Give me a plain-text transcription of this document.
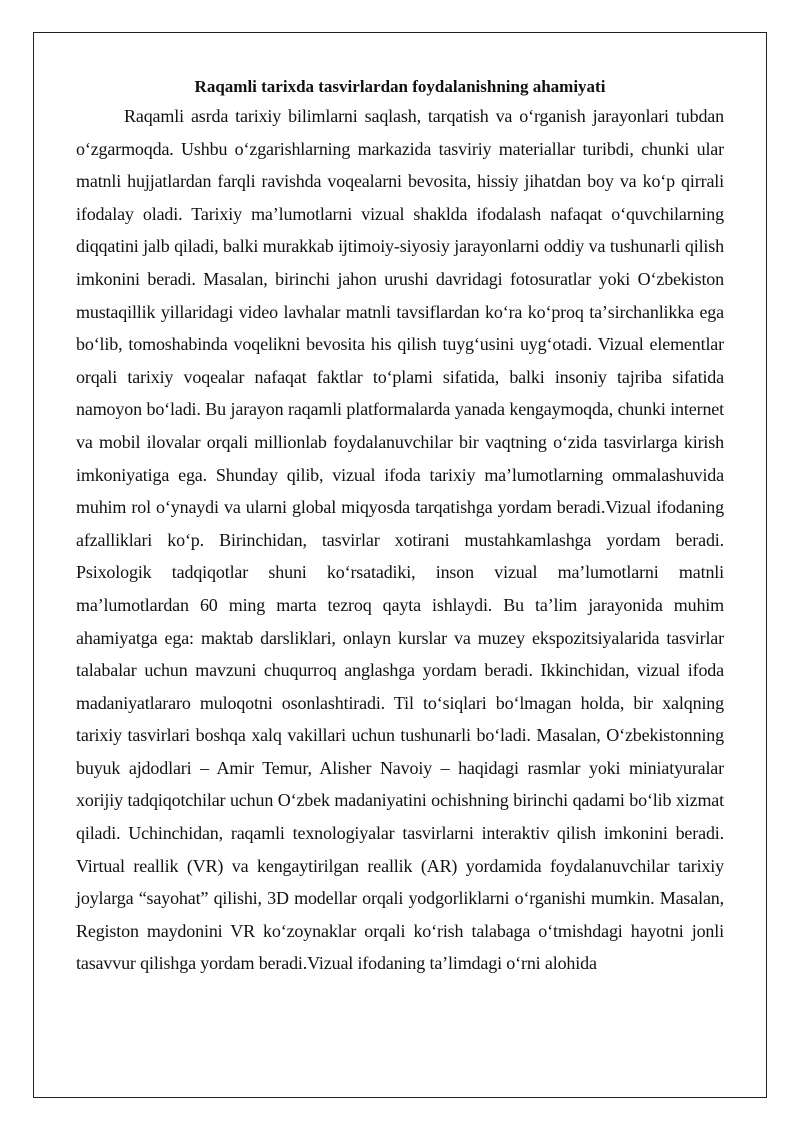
Raqamli tarixda tasvirlardan foydalanishning ahamiyati

Raqamli asrda tarixiy bilimlarni saqlash, tarqatish va oʻrganish jarayonlari tubdan oʻzgarmoqda. Ushbu oʻzgarishlarning markazida tasviriy materiallar turibdi, chunki ular matnli hujjatlardan farqli ravishda voqealarni bevosita, hissiy jihatdan boy va koʻp qirrali ifodalay oladi. Tarixiy maʼlumotlarni vizual shaklda ifodalash nafaqat oʻquvchilarning diqqatini jalb qiladi, balki murakkab ijtimoiy-siyosiy jarayonlarni oddiy va tushunarli qilish imkonini beradi. Masalan, birinchi jahon urushi davridagi fotosuratlar yoki Oʻzbekiston mustaqillik yillaridagi video lavhalar matnli tavsiflardan koʻra koʻproq taʼsirchanlikka ega boʻlib, tomoshabinda voqelikni bevosita his qilish tuygʻusini uygʻotadi. Vizual elementlar orqali tarixiy voqealar nafaqat faktlar toʻplami sifatida, balki insoniy tajriba sifatida namoyon boʻladi. Bu jarayon raqamli platformalarda yanada kengaymoqda, chunki internet va mobil ilovalar orqali millionlab foydalanuvchilar bir vaqtning oʻzida tasvirlarga kirish imkoniyatiga ega. Shunday qilib, vizual ifoda tarixiy maʼlumotlarning ommalashuvida muhim rol oʻynaydi va ularni global miqyosda tarqatishga yordam beradi.Vizual ifodaning afzalliklari koʻp. Birinchidan, tasvirlar xotirani mustahkamlashga yordam beradi. Psixologik tadqiqotlar shuni koʻrsatadiki, inson vizual maʼlumotlarni matnli maʼlumotlardan 60 ming marta tezroq qayta ishlaydi. Bu taʼlim jarayonida muhim ahamiyatga ega: maktab darsliklari, onlayn kurslar va muzey ekspozitsiyalarida tasvirlar talabalar uchun mavzuni chuqurroq anglashga yordam beradi. Ikkinchidan, vizual ifoda madaniyatlararo muloqotni osonlashtiradi. Til toʻsiqlari boʻlmagan holda, bir xalqning tarixiy tasvirlari boshqa xalq vakillari uchun tushunarli boʻladi. Masalan, Oʻzbekistonning buyuk ajdodlari – Amir Temur, Alisher Navoiy – haqidagi rasmlar yoki miniatyuralar xorijiy tadqiqotchilar uchun Oʻzbek madaniyatini ochishning birinchi qadami boʻlib xizmat qiladi. Uchinchidan, raqamli texnologiyalar tasvirlarni interaktiv qilish imkonini beradi. Virtual reallik (VR) va kengaytirilgan reallik (AR) yordamida foydalanuvchilar tarixiy joylarga “sayohat” qilishi, 3D modellar orqali yodgorliklarni oʻrganishi mumkin. Masalan, Registon maydonini VR koʻzoynaklar orqali koʻrish talabaga oʻtmishdagi hayotni jonli tasavvur qilishga yordam beradi.Vizual ifodaning taʼlimdagi oʻrni alohida
